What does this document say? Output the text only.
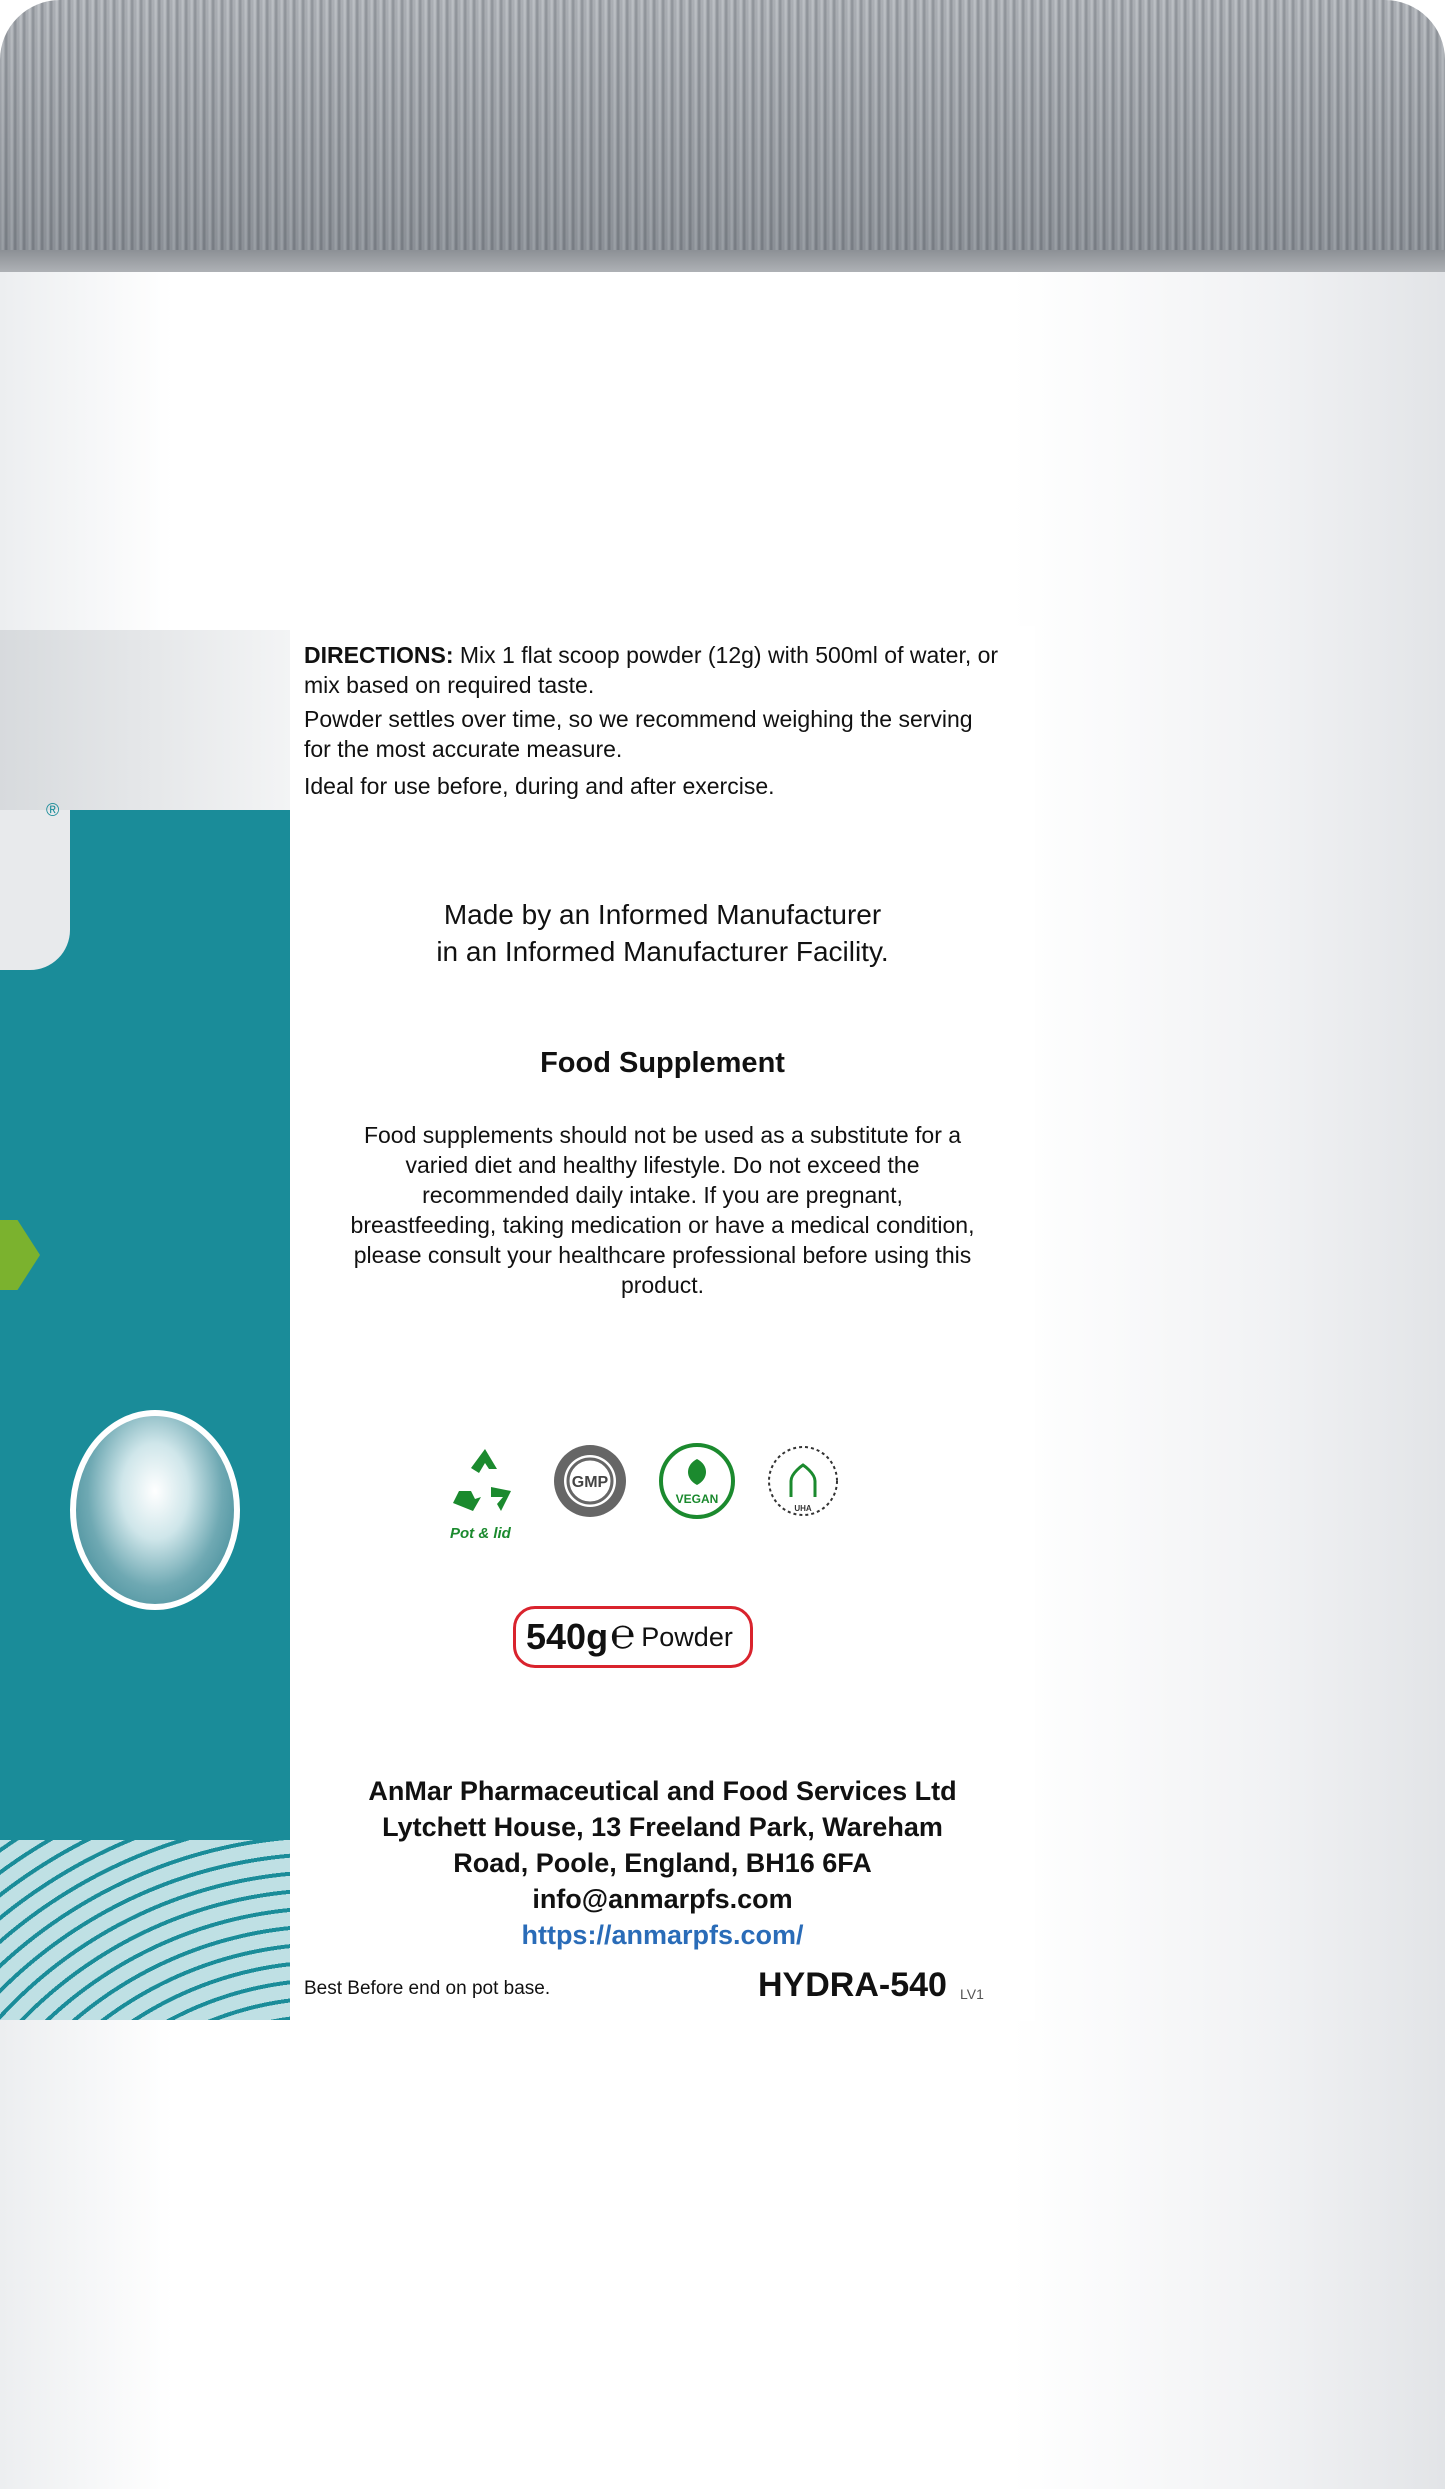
®
DIRECTIONS: Mix 1 flat scoop powder (12g) with 500ml of water, or mix based on required taste.
Powder settles over time, so we recommend weighing the serving for the most accurate measure.
Ideal for use before, during and after exercise.
Made by an Informed Manufacturer
in an Informed Manufacturer Facility.
Food Supplement
Food supplements should not be used as a substitute for a varied diet and healthy lifestyle. Do not exceed the recommended daily intake. If you are pregnant, breastfeeding, taking medication or have a medical condition, please consult your healthcare professional before using this product.
Pot & lid
GMP
VEGAN
UHA
540g ℮ Powder
AnMar Pharmaceutical and Food Services Ltd
Lytchett House, 13 Freeland Park, Wareham
Road, Poole, England, BH16 6FA
info@anmarpfs.com
https://anmarpfs.com/
Best Before end on pot base.	HYDRA-540 LV1
